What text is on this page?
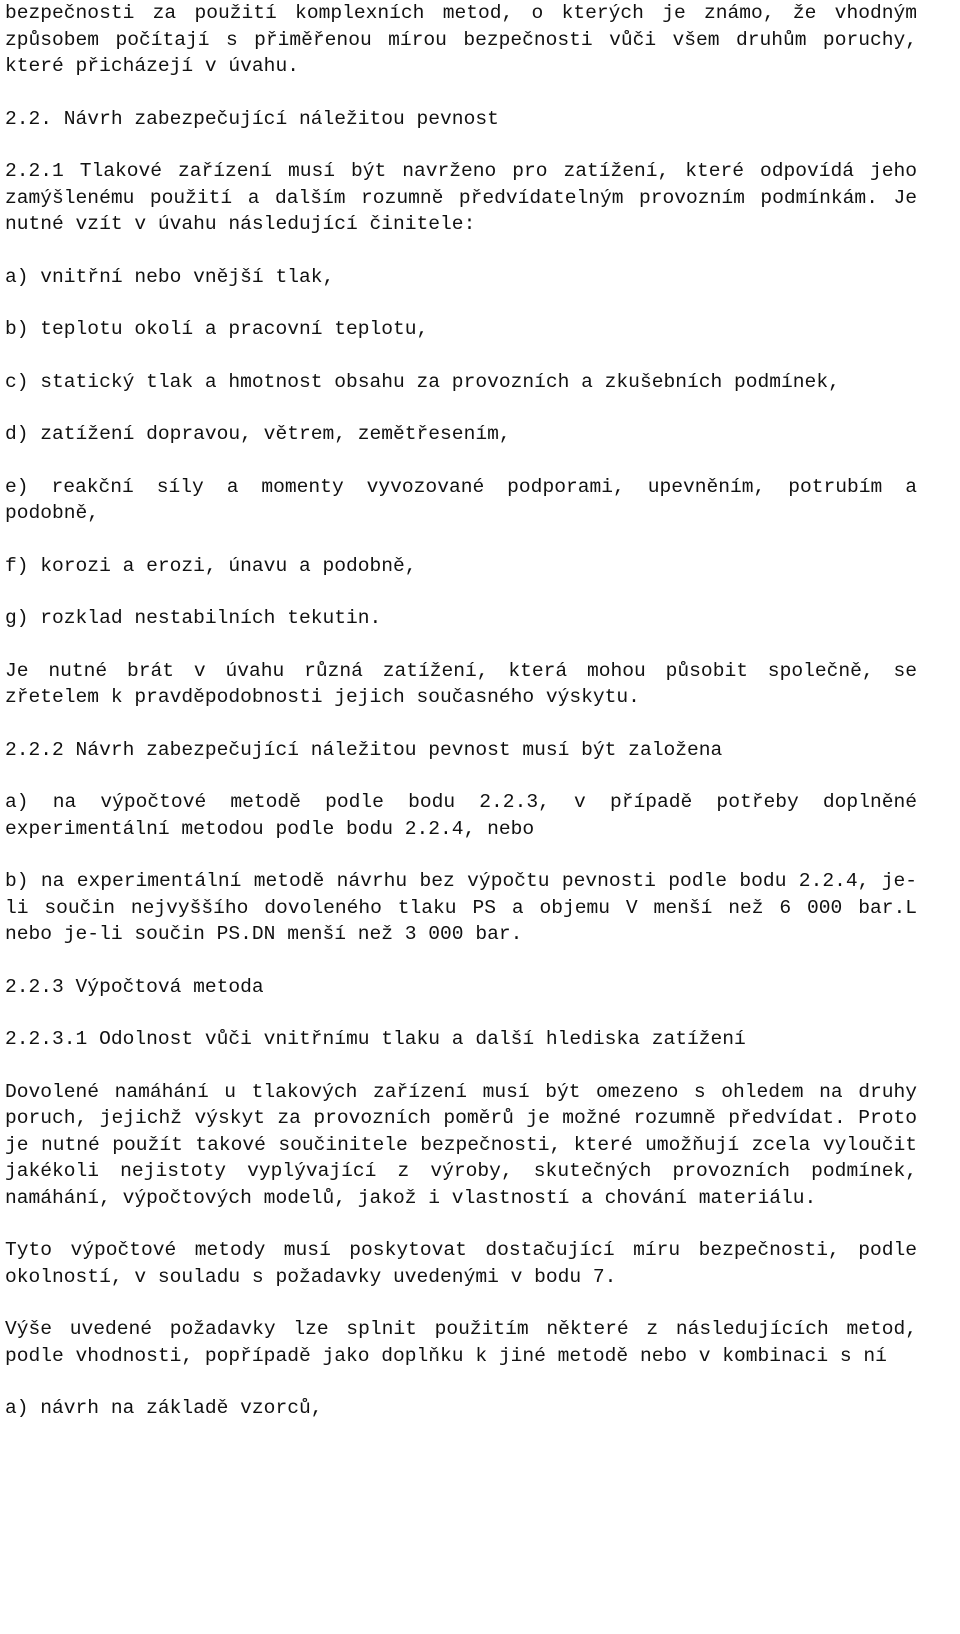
bezpečnosti za použití komplexních metod, o kterých je známo, že vhodným způsobem počítají s přiměřenou mírou bezpečnosti vůči všem druhům poruchy, které přicházejí v úvahu.

2.2. Návrh zabezpečující náležitou pevnost

2.2.1 Tlakové zařízení musí být navrženo pro zatížení, které odpovídá jeho zamýšlenému použití a dalším rozumně předvídatelným provozním podmínkám. Je nutné vzít v úvahu následující činitele:

a) vnitřní nebo vnější tlak,

b) teplotu okolí a pracovní teplotu,

c) statický tlak a hmotnost obsahu za provozních a zkušebních podmínek,

d) zatížení dopravou, větrem, zemětřesením,

e) reakční síly a momenty vyvozované podporami, upevněním, potrubím a podobně,

f) korozi a erozi, únavu a podobně,

g) rozklad nestabilních tekutin.

Je nutné brát v úvahu různá zatížení, která mohou působit společně, se zřetelem k pravděpodobnosti jejich současného výskytu.

2.2.2 Návrh zabezpečující náležitou pevnost musí být založena

a) na výpočtové metodě podle bodu 2.2.3, v případě potřeby doplněné experimentální metodou podle bodu 2.2.4, nebo

b) na experimentální metodě návrhu bez výpočtu pevnosti podle bodu 2.2.4, je-li součin nejvyššího dovoleného tlaku PS a objemu V menší než 6 000 bar.L nebo je-li součin PS.DN menší než 3 000 bar.

2.2.3 Výpočtová metoda

2.2.3.1 Odolnost vůči vnitřnímu tlaku a další hlediska zatížení

Dovolené namáhání u tlakových zařízení musí být omezeno s ohledem na druhy poruch, jejichž výskyt za provozních poměrů je možné rozumně předvídat. Proto je nutné použít takové součinitele bezpečnosti, které umožňují zcela vyloučit jakékoli nejistoty vyplývající z výroby, skutečných provozních podmínek, namáhání, výpočtových modelů, jakož i vlastností a chování materiálu.

Tyto výpočtové metody musí poskytovat dostačující míru bezpečnosti, podle okolností, v souladu s požadavky uvedenými v bodu 7.

Výše uvedené požadavky lze splnit použitím některé z následujících metod, podle vhodnosti, popřípadě jako doplňku k jiné metodě nebo v kombinaci s ní

a) návrh na základě vzorců,
